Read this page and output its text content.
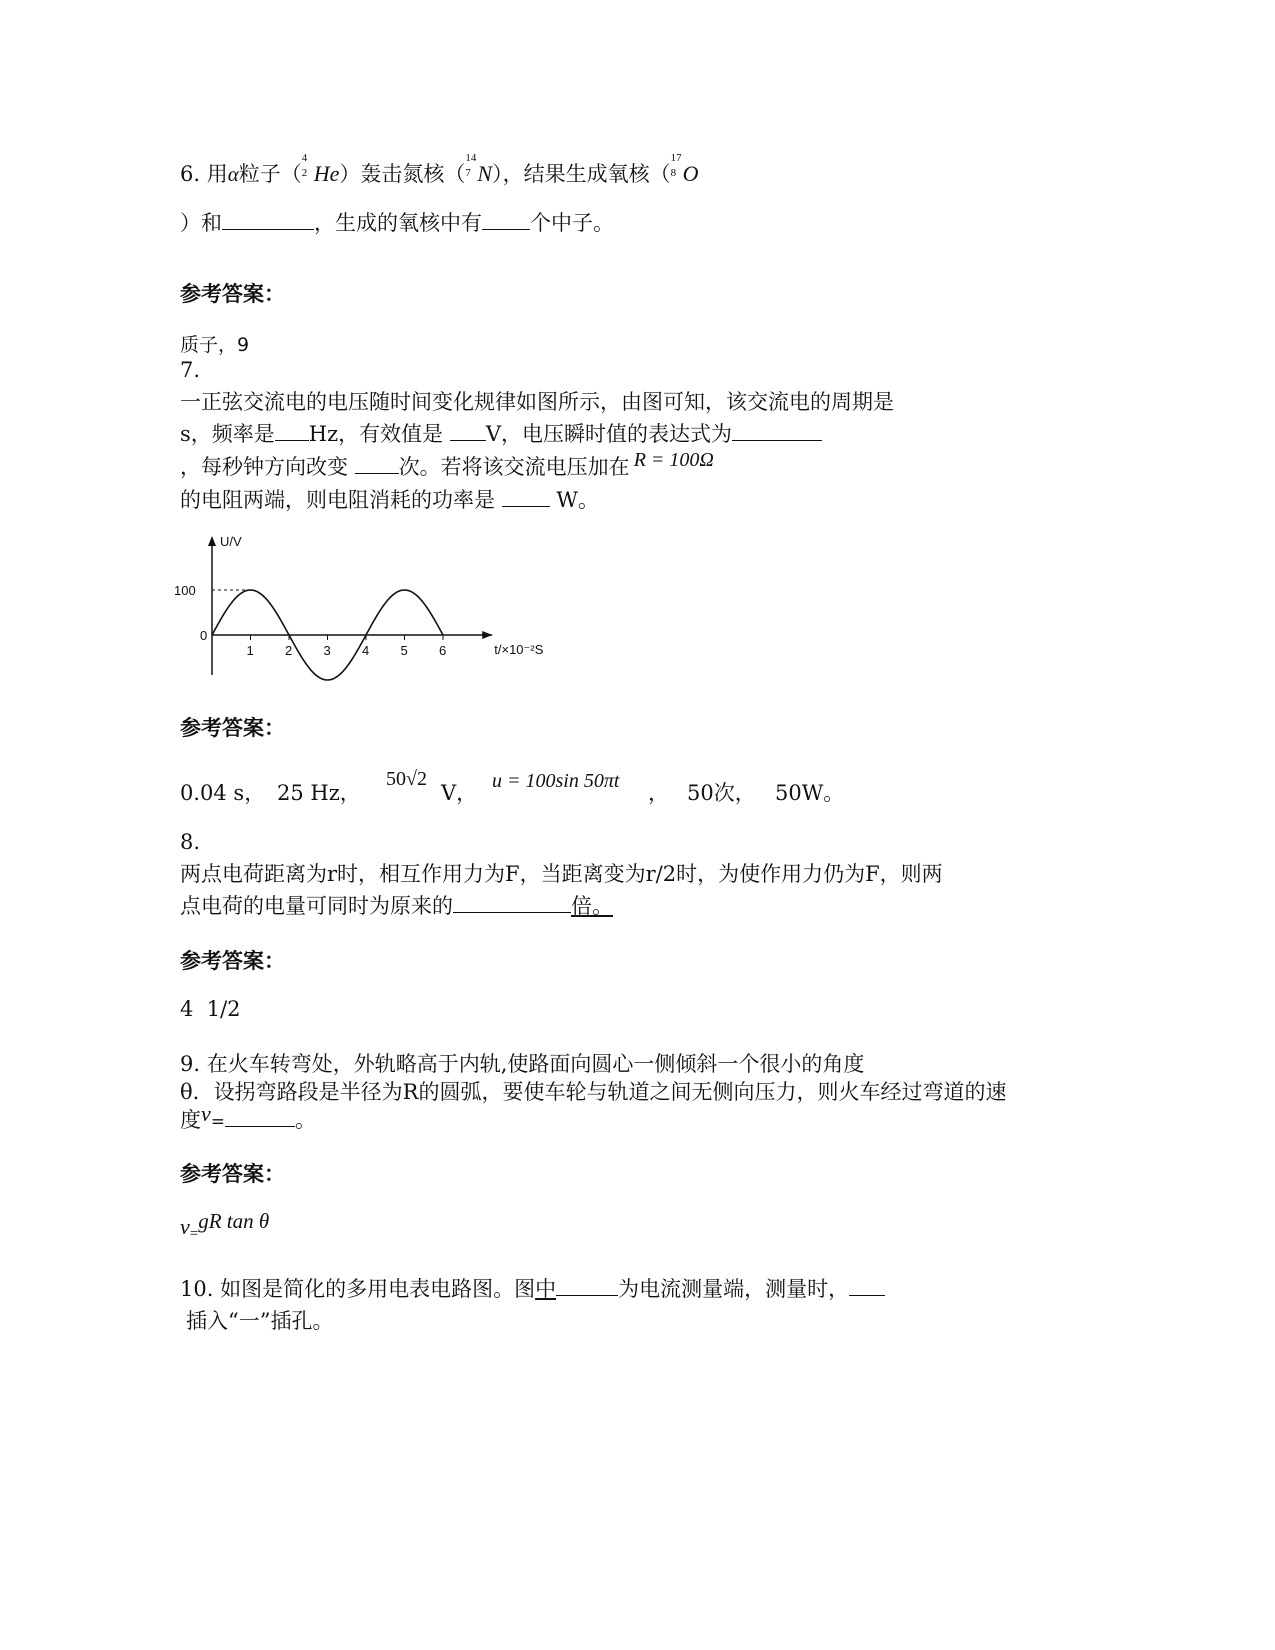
6. 用α粒子（
4
2 He）轰击氮核（
14
7 N），结果生成氧核（
17
8 O
）和	，生成的氧核中有 个中子。
参考答案：
质子，9
7.
一正弦交流电的电压随时间变化规律如图所示，由图可知，该交流电的周期是
s，频率是 Hz，有效值是 V，电压瞬时值的表达式为
，每秒钟方向改变 次。若将该交流电压加在 R = 100Ω
的电阻两端，则电阻消耗的功率是	W。
U/V
t/×10⁻²S
100
0
1 2 3 4 5 6
参考答案：
0.04 s， 25 Hz，
50√2
V， u = 100sin 50πt ， 50次， 50W。
8.
两点电荷距离为r时，相互作用力为F，当距离变为r/2时，为使作用力仍为F，则两
点电荷的电量可同时为原来的	倍。
参考答案：
4  1/2
9. 在火车转弯处，外轨略高于内轨,使路面向圆心一侧倾斜一个很小的角度
θ．设拐弯路段是半径为R的圆弧，要使车轮与轨道之间无侧向压力，则火车经过弯道的速
度v=	。
参考答案：
$v_=gR$ tan θ
10. 如图是简化的多用电表电路图。图中	为电流测量端，测量时，
插入“一”插孔。
